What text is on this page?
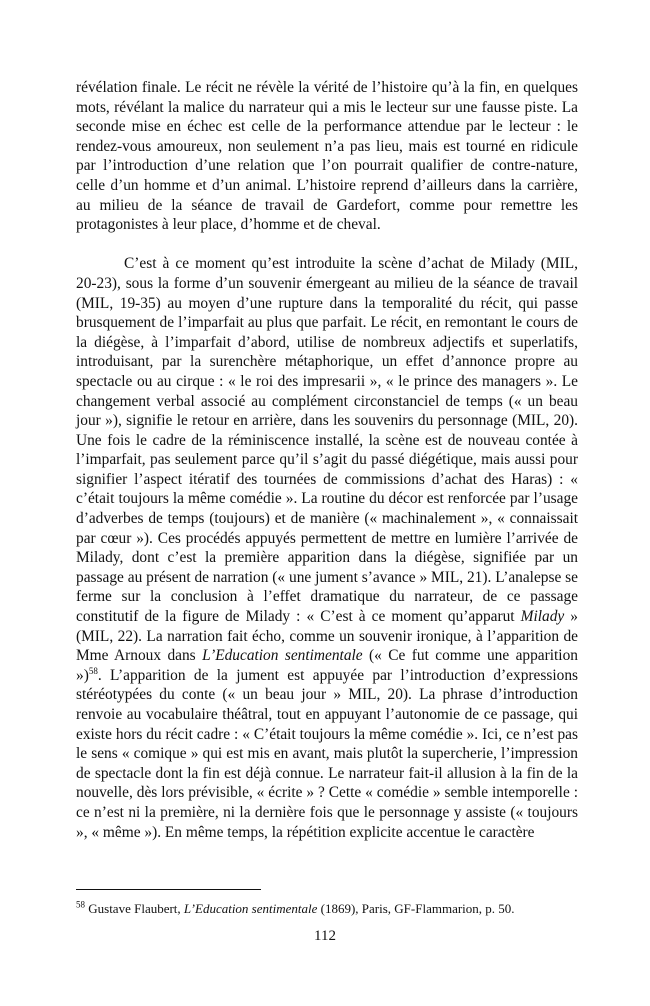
révélation finale. Le récit ne révèle la vérité de l’histoire qu’à la fin, en quelques mots, révélant la malice du narrateur qui a mis le lecteur sur une fausse piste. La seconde mise en échec est celle de la performance attendue par le lecteur : le rendez-vous amoureux, non seulement n’a pas lieu, mais est tourné en ridicule par l’introduction d’une relation que l’on pourrait qualifier de contre-nature, celle d’un homme et d’un animal. L’histoire reprend d’ailleurs dans la carrière, au milieu de la séance de travail de Gardefort, comme pour remettre les protagonistes à leur place, d’homme et de cheval.

C’est à ce moment qu’est introduite la scène d’achat de Milady (MIL, 20-23), sous la forme d’un souvenir émergeant au milieu de la séance de travail (MIL, 19-35) au moyen d’une rupture dans la temporalité du récit, qui passe brusquement de l’imparfait au plus que parfait. Le récit, en remontant le cours de la diégèse, à l’imparfait d’abord, utilise de nombreux adjectifs et superlatifs, introduisant, par la surenchère métaphorique, un effet d’annonce propre au spectacle ou au cirque : « le roi des impresarii », « le prince des managers ». Le changement verbal associé au complément circonstanciel de temps (« un beau jour »), signifie le retour en arrière, dans les souvenirs du personnage (MIL, 20). Une fois le cadre de la réminiscence installé, la scène est de nouveau contée à l’imparfait, pas seulement parce qu’il s’agit du passé diégétique, mais aussi pour signifier l’aspect itératif des tournées de commissions d’achat des Haras) : « c’était toujours la même comédie ». La routine du décor est renforcée par l’usage d’adverbes de temps (toujours) et de manière (« machinalement », « connaissait par cœur »). Ces procédés appuyés permettent de mettre en lumière l’arrivée de Milady, dont c’est la première apparition dans la diégèse, signifiée par un passage au présent de narration (« une jument s’avance » MIL, 21). L’analepse se ferme sur la conclusion à l’effet dramatique du narrateur, de ce passage constitutif de la figure de Milady : « C’est à ce moment qu’apparut Milady » (MIL, 22). La narration fait écho, comme un souvenir ironique, à l’apparition de Mme Arnoux dans L’Education sentimentale (« Ce fut comme une apparition »)$^{58}$. L’apparition de la jument est appuyée par l’introduction d’expressions stéréotypées du conte (« un beau jour » MIL, 20). La phrase d’introduction renvoie au vocabulaire théâtral, tout en appuyant l’autonomie de ce passage, qui existe hors du récit cadre : « C’était toujours la même comédie ». Ici, ce n’est pas le sens « comique » qui est mis en avant, mais plutôt la supercherie, l’impression de spectacle dont la fin est déjà connue. Le narrateur fait-il allusion à la fin de la nouvelle, dès lors prévisible, « écrite » ? Cette « comédie » semble intemporelle : ce n’est ni la première, ni la dernière fois que le personnage y assiste (« toujours », « même »). En même temps, la répétition explicite accentue le caractère

$^{58}$ Gustave Flaubert, L’Education sentimentale (1869), Paris, GF-Flammarion, p. 50.
112
